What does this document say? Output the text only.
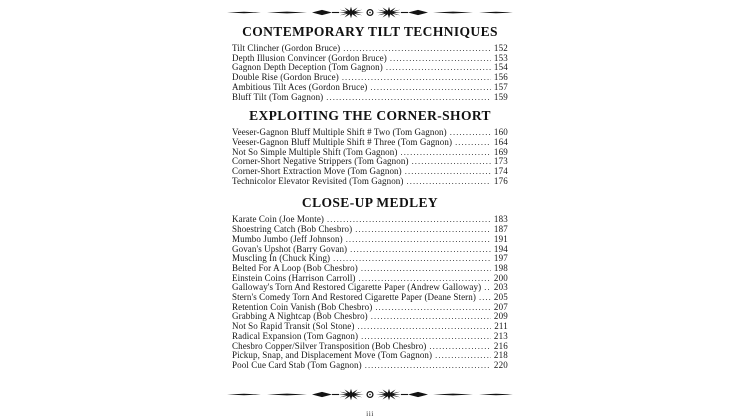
CONTEMPORARY TILT TECHNIQUES
Tilt Clincher (Gordon Bruce) .....	152
Depth Illusion Convincer (Gordon Bruce) .....	153
Gagnon Depth Deception (Tom Gagnon) .....	154
Double Rise (Gordon Bruce) .....	156
Ambitious Tilt Aces (Gordon Bruce) .....	157
Bluff Tilt (Tom Gagnon) .....	159
EXPLOITING THE CORNER-SHORT
Veeser-Gagnon Bluff Multiple Shift # Two (Tom Gagnon) .....	160
Veeser-Gagnon Bluff Multiple Shift # Three (Tom Gagnon) .....	164
Not So Simple Multiple Shift (Tom Gagnon) .....	169
Corner-Short Negative Strippers (Tom Gagnon) .....	173
Corner-Short Extraction Move (Tom Gagnon) .....	174
Technicolor Elevator Revisited (Tom Gagnon) .....	176
CLOSE-UP MEDLEY
Karate Coin (Joe Monte) .....	183
Shoestring Catch (Bob Chesbro) .....	187
Mumbo Jumbo (Jeff Johnson) .....	191
Govan's Upshot (Barry Govan) .....	194
Muscling In (Chuck King) .....	197
Belted For A Loop (Bob Chesbro) .....	198
Einstein Coins (Harrison Carroll) .....	200
Galloway's Torn And Restored Cigarette Paper (Andrew Galloway) ..... 203
Stern's Comedy Torn And Restored Cigarette Paper (Deane Stern) ..... 205
Retention Coin Vanish (Bob Chesbro) .....	207
Grabbing A Nightcap (Bob Chesbro) .....	209
Not So Rapid Transit (Sol Stone) .....	211
Radical Expansion (Tom Gagnon) .....	213
Chesbro Copper/Silver Transposition (Bob Chesbro) .....	216
Pickup, Snap, and Displacement Move (Tom Gagnon) .....	218
Pool Cue Card Stab (Tom Gagnon) .....	220
iii
